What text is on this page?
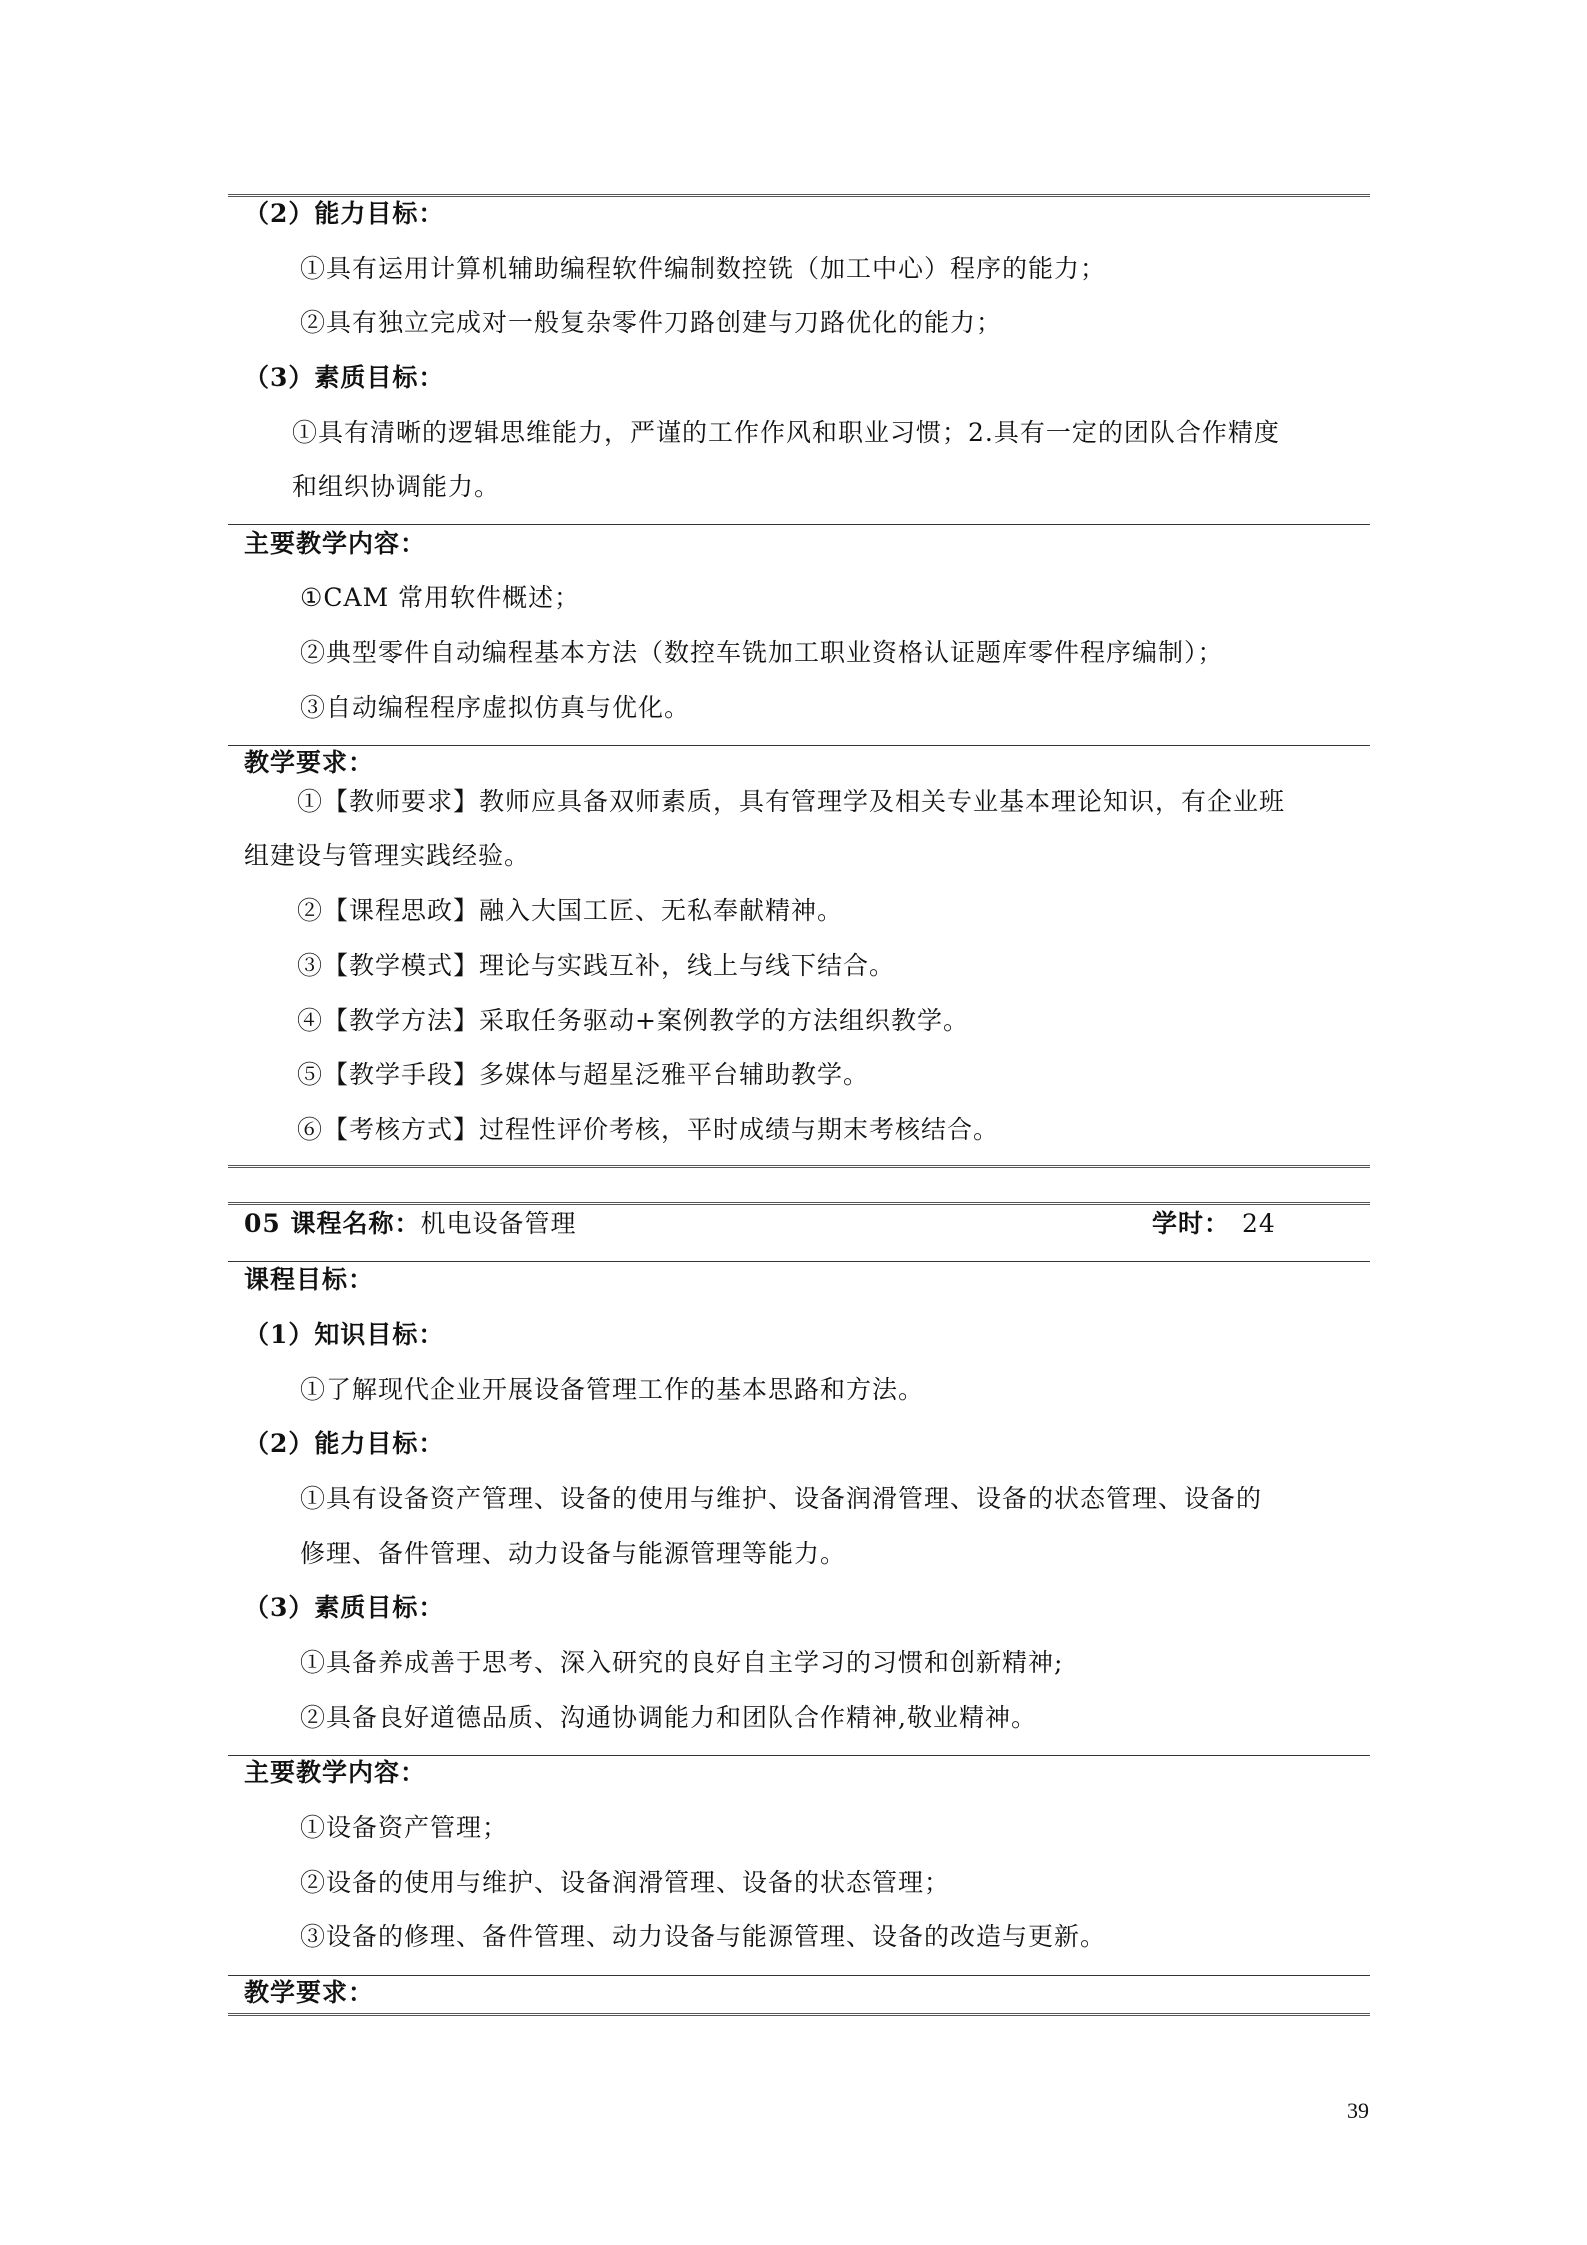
（2）能力目标：
①具有运用计算机辅助编程软件编制数控铣（加工中心）程序的能力；
②具有独立完成对一般复杂零件刀路创建与刀路优化的能力；
（3）素质目标：
①具有清晰的逻辑思维能力，严谨的工作作风和职业习惯；2.具有一定的团队合作精度
和组织协调能力。
主要教学内容：
①CAM 常用软件概述；
②典型零件自动编程基本方法（数控车铣加工职业资格认证题库零件程序编制）；
③自动编程程序虚拟仿真与优化。
教学要求：
①【教师要求】教师应具备双师素质，具有管理学及相关专业基本理论知识，有企业班
组建设与管理实践经验。
②【课程思政】融入大国工匠、无私奉献精神。
③【教学模式】理论与实践互补，线上与线下结合。
④【教学方法】采取任务驱动+案例教学的方法组织教学。
⑤【教学手段】多媒体与超星泛雅平台辅助教学。
⑥【考核方式】过程性评价考核，平时成绩与期末考核结合。
05 课程名称：机电设备管理	学时： 24
课程目标：
（1）知识目标：
①了解现代企业开展设备管理工作的基本思路和方法。
（2）能力目标：
①具有设备资产管理、设备的使用与维护、设备润滑管理、设备的状态管理、设备的
修理、备件管理、动力设备与能源管理等能力。
（3）素质目标：
①具备养成善于思考、深入研究的良好自主学习的习惯和创新精神;
②具备良好道德品质、沟通协调能力和团队合作精神,敬业精神。
主要教学内容：
①设备资产管理；
②设备的使用与维护、设备润滑管理、设备的状态管理；
③设备的修理、备件管理、动力设备与能源管理、设备的改造与更新。
教学要求：
39
